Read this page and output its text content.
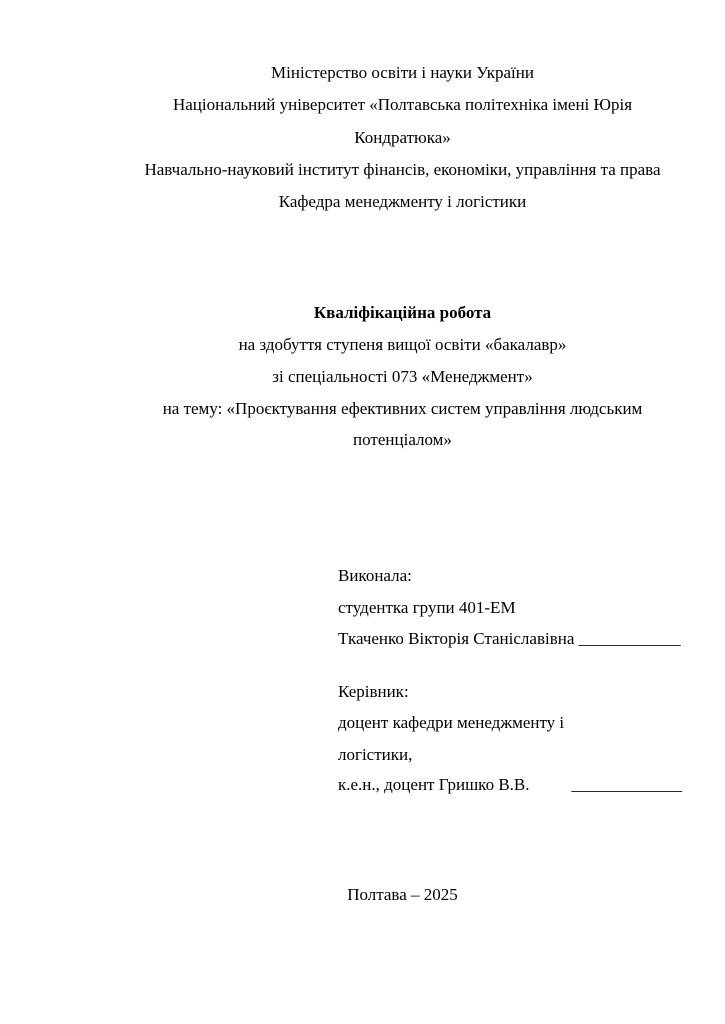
Міністерство освіти і науки України
Національний університет «Полтавська політехніка імені Юрія
Кондратюка»
Навчально-науковий інститут фінансів, економіки, управління та права
Кафедра менеджменту і логістики
Кваліфікаційна робота
на здобуття ступеня вищої освіти «бакалавр»
зі спеціальності 073 «Менеджмент»
на тему: «Проєктування ефективних систем управління людським
потенціалом»
Виконала:
студентка групи 401-ЕМ
Ткаченко Вікторія Станіславівна ____________
Керівник:
доцент кафедри менеджменту і
логістики,
к.е.н., доцент Гришко В.В. _____________
Полтава – 2025
